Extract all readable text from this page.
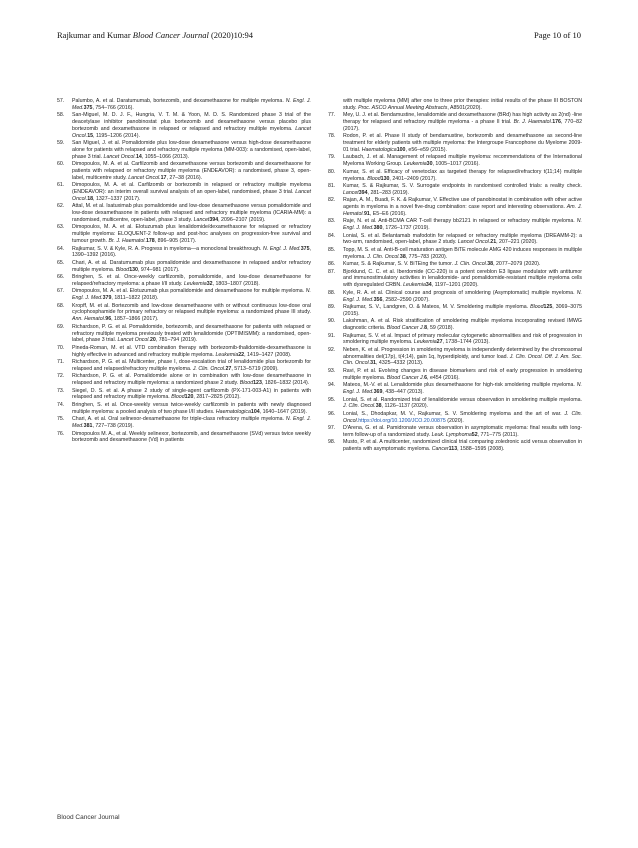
Rajkumar and Kumar Blood Cancer Journal (2020)10:94	Page 10 of 10
57.	Palumbo, A. et al. Daratumumab, bortezomib, and dexamethasone for multiple myeloma. N. Engl. J. Med.375, 754–766 (2016).
58.	San-Miguel, M. D. J. F., Hungria, V. T. M. & Yoon, M. D. S. Randomized phase 3 trial of the deacetylase inhibitor panobinostat plus bortezomib and dexamethasone versus placebo plus bortezomib and dexamethasone in relapsed or relapsed and refractory multiple myeloma. Lancet Oncol.15, 1195–1206 (2014).
59.	San Miguel, J. et al. Pomalidomide plus low-dose dexamethasone versus high-dose dexamethasone alone for patients with relapsed and refractory multiple myeloma (MM-003): a randomised, open-label, phase 3 trial. Lancet Oncol.14, 1055–1066 (2013).
60.	Dimopoulos, M. A. et al. Carfilzomib and dexamethasone versus bortezomib and dexamethasone for patients with relapsed or refractory multiple myeloma (ENDEAVOR): a randomised, phase 3, open-label, multicentre study. Lancet Oncol.17, 27–38 (2016).
61.	Dimopoulos, M. A. et al. Carfilzomib or bortezomib in relapsed or refractory multiple myeloma (ENDEAVOR): an interim overall survival analysis of an open-label, randomised, phase 3 trial. Lancet Oncol.18, 1327–1337 (2017).
62.	Attal, M. et al. Isatuximab plus pomalidomide and low-dose dexamethasone versus pomalidomide and low-dose dexamethasone in patients with relapsed and refractory multiple myeloma (ICARIA-MM): a randomised, multicentre, open-label, phase 3 study. Lancet394, 2096–2107 (2019).
63.	Dimopoulos, M. A. et al. Elotuzumab plus lenalidomide/dexamethasone for relapsed or refractory multiple myeloma: ELOQUENT-2 follow-up and post-hoc analyses on progression-free survival and tumour growth. Br. J. Haematol.178, 896–905 (2017).
64.	Rajkumar, S. V. & Kyle, R. A. Progress in myeloma—a monoclonal breakthrough. N. Engl. J. Med.375, 1390–1392 (2016).
65.	Chari, A. et al. Daratumumab plus pomalidomide and dexamethasone in relapsed and/or refractory multiple myeloma. Blood130, 974–981 (2017).
66.	Bringhen, S. et al. Once-weekly carfilzomib, pomalidomide, and low-dose dexamethasone for relapsed/refractory myeloma: a phase I/II study. Leukemia32, 1803–1807 (2018).
67.	Dimopoulos, M. A. et al. Elotuzumab plus pomalidomide and dexamethasone for multiple myeloma. N. Engl. J. Med.379, 1811–1822 (2018).
68.	Kropff, M. et al. Bortezomib and low-dose dexamethasone with or without continuous low-dose oral cyclophosphamide for primary refractory or relapsed multiple myeloma: a randomized phase III study. Ann. Hematol.96, 1857–1866 (2017).
69.	Richardson, P. G. et al. Pomalidomide, bortezomib, and dexamethasone for patients with relapsed or refractory multiple myeloma previously treated with lenalidomide (OPTIMISMM): a randomised, open-label, phase 3 trial. Lancet Oncol.20, 781–794 (2019).
70.	Pineda-Roman, M. et al. VTD combination therapy with bortezomib-thalidomide-dexamethasone is highly effective in advanced and refractory multiple myeloma. Leukemia22, 1419–1427 (2008).
71.	Richardson, P. G. et al. Multicenter, phase I, dose-escalation trial of lenalidomide plus bortezomib for relapsed and relapsed/refractory multiple myeloma. J. Clin. Oncol.27, 5713–5719 (2009).
72.	Richardson, P. G. et al. Pomalidomide alone or in combination with low-dose dexamethasone in relapsed and refractory multiple myeloma: a randomized phase 2 study. Blood123, 1826–1832 (2014).
73.	Siegel, D. S. et al. A phase 2 study of single-agent carfilzomib (PX-171-003-A1) in patients with relapsed and refractory multiple myeloma. Blood120, 2817–2825 (2012).
74.	Bringhen, S. et al. Once-weekly versus twice-weekly carfilzomib in patients with newly diagnosed multiple myeloma: a pooled analysis of two phase I/II studies. Haematologica104, 1640–1647 (2019).
75.	Chari, A. et al. Oral selinexor-dexamethasone for triple-class refractory multiple myeloma. N. Engl. J. Med.381, 727–738 (2019).
76.	Dimopoulos M. A., et al. Weekly selinexor, bortezomib, and dexamethasone (SVd) versus twice weekly bortezomib and dexamethasone (Vd) in patients
with multiple myeloma (MM) after one to three prior therapies: initial results of the phase III BOSTON study. Proc. ASCO Annual Meeting Abstracts, A8501(2020).
77.	Mey, U. J. et al. Bendamustine, lenalidomide and dexamethasone (BRd) has high activity as 2(nd) -line therapy for relapsed and refractory multiple myeloma - a phase II trial. Br. J. Haematol.176, 770–82 (2017).
78.	Rodon, P. et al. Phase II study of bendamustine, bortezomib and dexamethasone as second-line treatment for elderly patients with multiple myeloma: the Intergroupe Francophone du Myelome 2009-01 trial. Haematologica100, e56–e59 (2015).
79.	Laubach, J. et al. Management of relapsed multiple myeloma: recommendations of the International Myeloma Working Group. Leukemia30, 1005–1017 (2016).
80.	Kumar, S. et al. Efficacy of venetoclax as targeted therapy for relapsed/refractory t(11;14) multiple myeloma. Blood130, 2401–2409 (2017).
81.	Kumar, S. & Rajkumar, S. V. Surrogate endpoints in randomised controlled trials: a reality check. Lancet394, 281–283 (2019).
82.	Rajan, A. M., Buadi, F. K. & Rajkumar, V. Effective use of panobinostat in combination with other active agents in myeloma in a novel five-drug combination: case report and interesting observations. Am. J. Hematol.91, E5–E6 (2016).
83.	Raje, N. et al. Anti-BCMA CAR T-cell therapy bb2121 in relapsed or refractory multiple myeloma. N. Engl. J. Med.380, 1726–1737 (2019).
84.	Lonial, S. et al. Belantamab mafodotin for relapsed or refractory multiple myeloma (DREAMM-2): a two-arm, randomised, open-label, phase 2 study. Lancet Oncol.21, 207–221 (2020).
85.	Topp, M. S. et al. Anti-B-cell maturation antigen BiTE molecule AMG 420 induces responses in multiple myeloma. J. Clin. Oncol.38, 775–783 (2020).
86.	Kumar, S. & Rajkumar, S. V. BiTEing the tumor. J. Clin. Oncol.38, 2077–2079 (2020).
87.	Bjorklund, C. C. et al. Iberdomide (CC-220) is a potent cereblon E3 ligase modulator with antitumor and immunostimulatory activities in lenalidomide- and pomalidomide-resistant multiple myeloma cells with dysregulated CRBN. Leukemia34, 1197–1201 (2020).
88.	Kyle, R. A. et al. Clinical course and prognosis of smoldering (Asymptomatic) multiple myeloma. N. Engl. J. Med.356, 2582–2590 (2007).
89.	Rajkumar, S. V., Landgren, O. & Mateos, M. V. Smoldering multiple myeloma. Blood125, 3069–3075 (2015).
90.	Lakshman, A. et al. Risk stratification of smoldering multiple myeloma incorporating revised IMWG diagnostic criteria. Blood Cancer J.8, 59 (2018).
91.	Rajkumar, S. V. et al. Impact of primary molecular cytogenetic abnormalities and risk of progression in smoldering multiple myeloma. Leukemia27, 1738–1744 (2013).
92.	Neben, K. et al. Progression in smoldering myeloma is independently determined by the chromosomal abnormalities del(17p), t(4;14), gain 1q, hyperdiploidy, and tumor load. J. Clin. Oncol. Off. J. Am. Soc. Clin. Oncol.31, 4325–4332 (2013).
93.	Ravi, P. et al. Evolving changes in disease biomarkers and risk of early progression in smoldering multiple myeloma. Blood Cancer J.6, e454 (2016).
94.	Mateos, M.-V. et al. Lenalidomide plus dexamethasone for high-risk smoldering multiple myeloma. N. Engl. J. Med.369, 438–447 (2013).
95.	Lonial, S. et al. Randomized trial of lenalidomide versus observation in smoldering multiple myeloma. J. Clin. Oncol.38, 1126–1137 (2020).
96.	Lonial, S., Dhodapkar, M. V., Rajkumar, S. V. Smoldering myeloma and the art of war. J. Clin. Oncol.https://doi.org/10.1200/JCO.20.00875 (2020).
97.	D'Arena, G. et al. Pamidronate versus observation in asymptomatic myeloma: final results with long-term follow-up of a randomized study. Leuk. Lymphoma52, 771–775 (2011).
98.	Musto, P. et al. A multicenter, randomized clinical trial comparing zoledronic acid versus observation in patients with asymptomatic myeloma. Cancer113, 1588–1595 (2008).
Blood Cancer Journal
